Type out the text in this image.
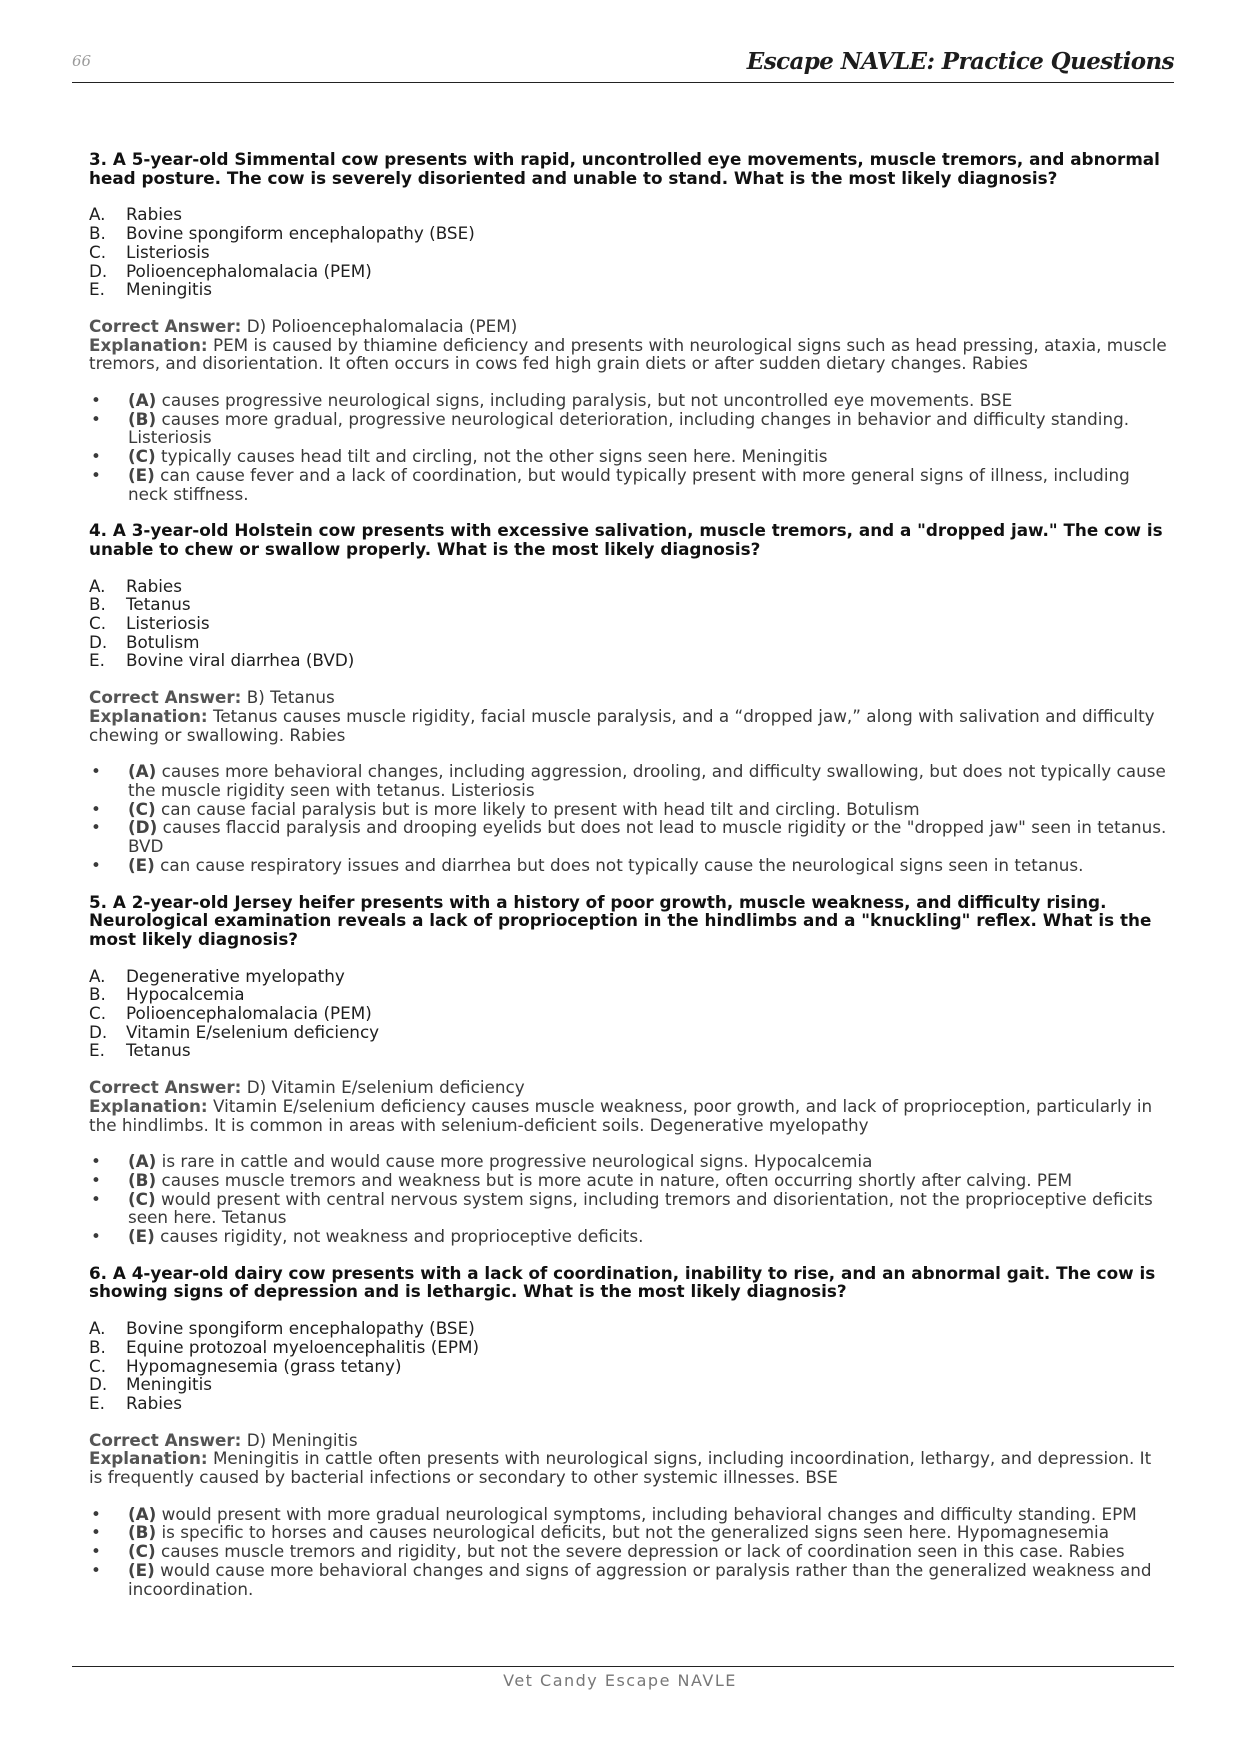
66	Escape NAVLE: Practice Questions

3. A 5-year-old Simmental cow presents with rapid, uncontrolled eye movements, muscle tremors, and abnormal head posture. The cow is severely disoriented and unable to stand. What is the most likely diagnosis?

A.	Rabies
B.	Bovine spongiform encephalopathy (BSE)
C.	Listeriosis
D.	Polioencephalomalacia (PEM)
E.	Meningitis

Correct Answer: D) Polioencephalomalacia (PEM)

Explanation: PEM is caused by thiamine deficiency and presents with neurological signs such as head pressing, ataxia, muscle tremors, and disorientation. It often occurs in cows fed high grain diets or after sudden dietary changes. Rabies

•	(A) causes progressive neurological signs, including paralysis, but not uncontrolled eye movements. BSE
•	(B) causes more gradual, progressive neurological deterioration, including changes in behavior and difficulty standing. Listeriosis
•	(C) typically causes head tilt and circling, not the other signs seen here. Meningitis
•	(E) can cause fever and a lack of coordination, but would typically present with more general signs of illness, including neck stiffness.

4. A 3-year-old Holstein cow presents with excessive salivation, muscle tremors, and a "dropped jaw." The cow is unable to chew or swallow properly. What is the most likely diagnosis?

A.	Rabies
B.	Tetanus
C.	Listeriosis
D.	Botulism
E.	Bovine viral diarrhea (BVD)

Correct Answer: B) Tetanus

Explanation: Tetanus causes muscle rigidity, facial muscle paralysis, and a “dropped jaw,” along with salivation and difficulty chewing or swallowing. Rabies

•	(A) causes more behavioral changes, including aggression, drooling, and difficulty swallowing, but does not typically cause the muscle rigidity seen with tetanus. Listeriosis
•	(C) can cause facial paralysis but is more likely to present with head tilt and circling. Botulism
•	(D) causes flaccid paralysis and drooping eyelids but does not lead to muscle rigidity or the "dropped jaw" seen in tetanus. BVD
•	(E) can cause respiratory issues and diarrhea but does not typically cause the neurological signs seen in tetanus.

5. A 2-year-old Jersey heifer presents with a history of poor growth, muscle weakness, and difficulty rising. Neurological examination reveals a lack of proprioception in the hindlimbs and a "knuckling" reflex. What is the most likely diagnosis?

A.	Degenerative myelopathy
B.	Hypocalcemia
C.	Polioencephalomalacia (PEM)
D.	Vitamin E/selenium deficiency
E.	Tetanus

Correct Answer: D) Vitamin E/selenium deficiency

Explanation: Vitamin E/selenium deficiency causes muscle weakness, poor growth, and lack of proprioception, particularly in the hindlimbs. It is common in areas with selenium-deficient soils. Degenerative myelopathy

•	(A) is rare in cattle and would cause more progressive neurological signs. Hypocalcemia
•	(B) causes muscle tremors and weakness but is more acute in nature, often occurring shortly after calving. PEM
•	(C) would present with central nervous system signs, including tremors and disorientation, not the proprioceptive deficits seen here. Tetanus
•	(E) causes rigidity, not weakness and proprioceptive deficits.

6. A 4-year-old dairy cow presents with a lack of coordination, inability to rise, and an abnormal gait. The cow is showing signs of depression and is lethargic. What is the most likely diagnosis?

A.	Bovine spongiform encephalopathy (BSE)
B.	Equine protozoal myeloencephalitis (EPM)
C.	Hypomagnesemia (grass tetany)
D.	Meningitis
E.	Rabies

Correct Answer: D) Meningitis

Explanation: Meningitis in cattle often presents with neurological signs, including incoordination, lethargy, and depression. It is frequently caused by bacterial infections or secondary to other systemic illnesses. BSE

•	(A) would present with more gradual neurological symptoms, including behavioral changes and difficulty standing. EPM
•	(B) is specific to horses and causes neurological deficits, but not the generalized signs seen here. Hypomagnesemia
•	(C) causes muscle tremors and rigidity, but not the severe depression or lack of coordination seen in this case. Rabies
•	(E) would cause more behavioral changes and signs of aggression or paralysis rather than the generalized weakness and incoordination.
Vet Candy Escape NAVLE
